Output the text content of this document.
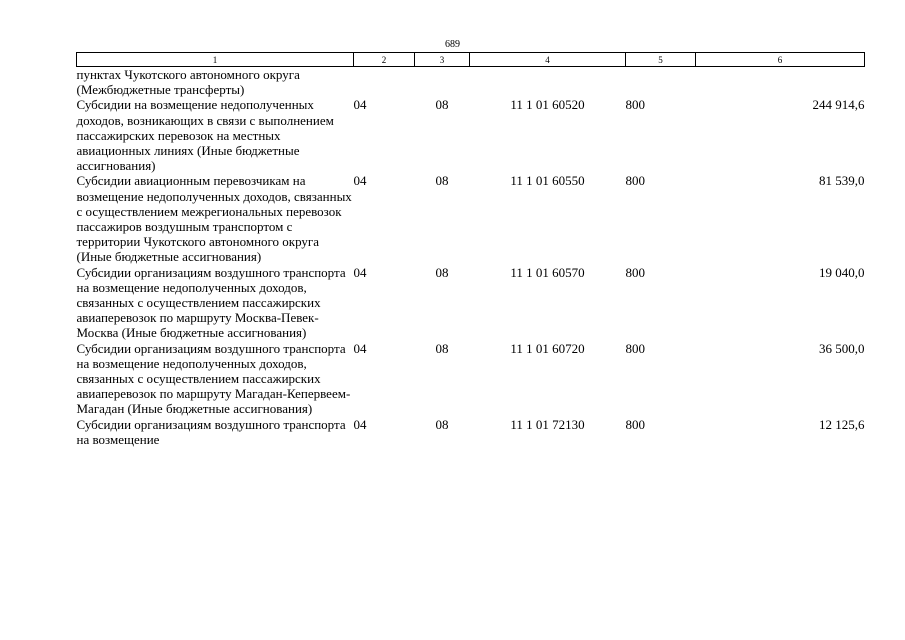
689
1	2	3	4	5	6
пунктах Чукотского автономного округа (Межбюджетные трансферты)					
Субсидии на возмещение недополученных доходов, возникающих в связи с выполнением пассажирских перевозок на местных авиационных линиях (Иные бюджетные ассигнования)	04	08	11 1 01 60520	800	244 914,6
Субсидии авиационным перевозчикам на возмещение недополученных доходов, связанных с осуществлением межрегиональных перевозок пассажиров воздушным транспортом с территории Чукотского автономного округа (Иные бюджетные ассигнования)	04	08	11 1 01 60550	800	81 539,0
Субсидии организациям воздушного транспорта на возмещение недополученных доходов, связанных с осуществлением пассажирских авиаперевозок по маршруту Москва-Певек-Москва (Иные бюджетные ассигнования)	04	08	11 1 01 60570	800	19 040,0
Субсидии организациям воздушного транспорта на возмещение недополученных доходов, связанных с осуществлением пассажирских авиаперевозок по маршруту Магадан-Кепервеем-Магадан (Иные бюджетные ассигнования)	04	08	11 1 01 60720	800	36 500,0
Субсидии организациям воздушного транспорта на возмещение	04	08	11 1 01 72130	800	12 125,6
